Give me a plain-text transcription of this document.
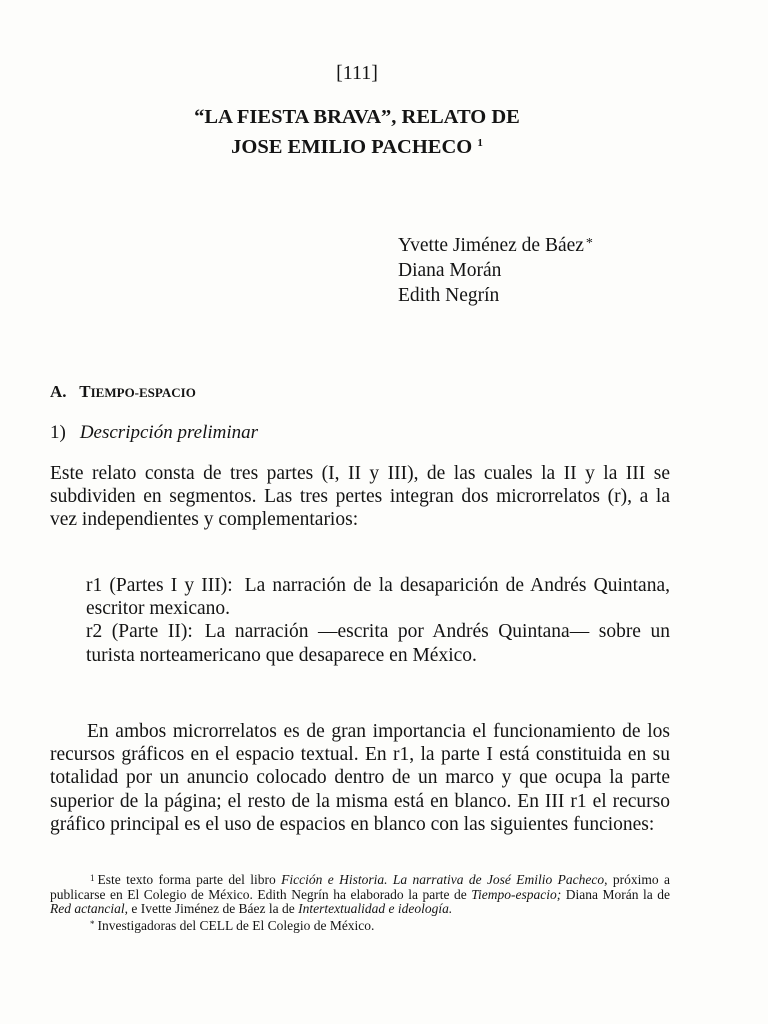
[111]
“LA FIESTA BRAVA”, RELATO DE
JOSE EMILIO PACHECO $^1$
Yvette Jiménez de Báez *
Diana Morán
Edith Negrín
A. TIEMPO-ESPACIO
1) Descripción preliminar
Este relato consta de tres partes (I, II y III), de las cuales la II y la III se subdividen en segmentos. Las tres pertes integran dos microrrelatos (r), a la vez independientes y complementarios:
r1 (Partes I y III): La narración de la desaparición de Andrés Quintana, escritor mexicano.
r2 (Parte II): La narración —escrita por Andrés Quintana— sobre un turista norteamericano que desaparece en México.
En ambos microrrelatos es de gran importancia el funcionamiento de los recursos gráficos en el espacio textual. En r1, la parte I está constituida en su totalidad por un anuncio colocado dentro de un marco y que ocupa la parte superior de la página; el resto de la misma está en blanco. En III r1 el recurso gráfico principal es el uso de espacios en blanco con las siguientes funciones:

$^1$ Este texto forma parte del libro Ficción e Historia. La narrativa de José Emilio Pacheco, próximo a publicarse en El Colegio de México. Edith Negrín ha elaborado la parte de Tiempo-espacio; Diana Morán la de Red actancial, e Ivette Jiménez de Báez la de Intertextualidad e ideología.

* Investigadoras del CELL de El Colegio de México.
